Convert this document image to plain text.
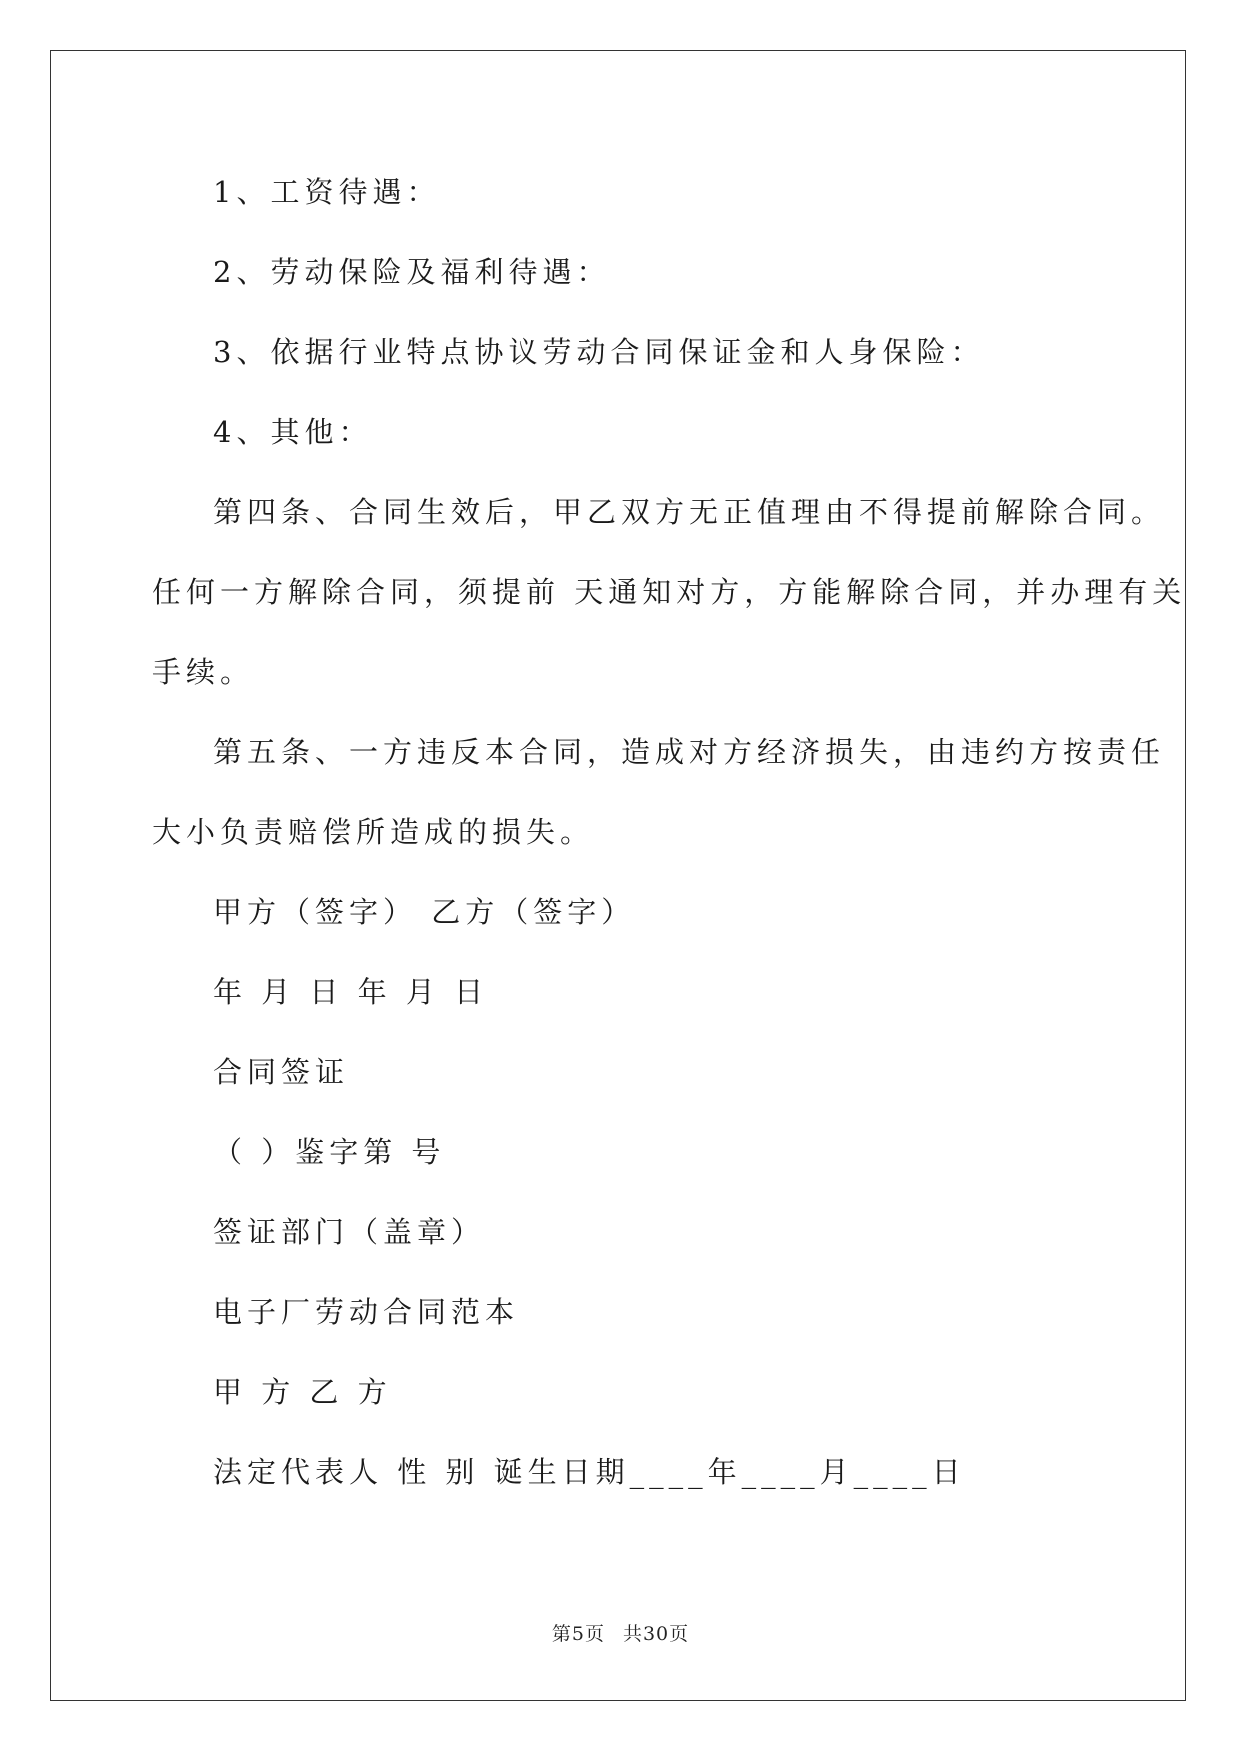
1、工资待遇：
2、劳动保险及福利待遇：
3、依据行业特点协议劳动合同保证金和人身保险：
4、其他：
第四条、合同生效后，甲乙双方无正值理由不得提前解除合同。
任何一方解除合同，须提前 天通知对方，方能解除合同，并办理有关
手续。
第五条、一方违反本合同，造成对方经济损失，由违约方按责任
大小负责赔偿所造成的损失。
甲方（签字） 乙方（签字）
年 月 日 年 月 日
合同签证
（ ）鉴字第 号
签证部门（盖章）
电子厂劳动合同范本
甲 方 乙 方
法定代表人 性 别 诞生日期____年____月____日
第5页 共30页
